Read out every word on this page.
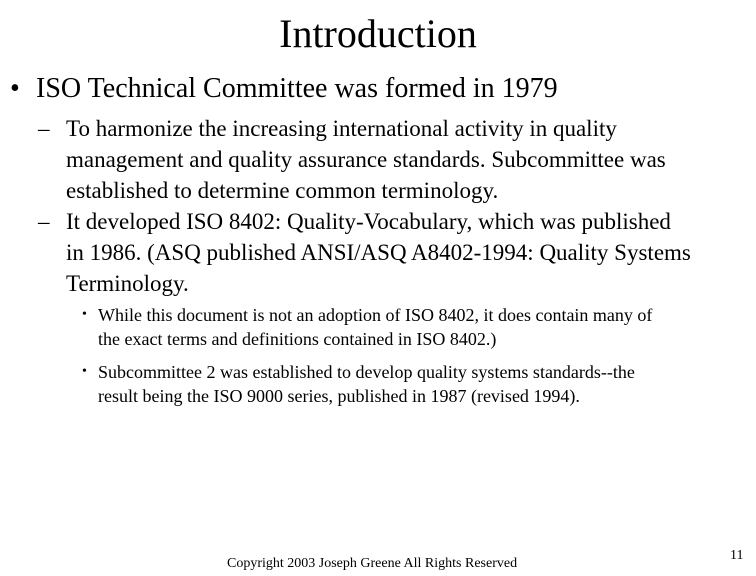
Introduction
• ISO Technical Committee was formed in 1979
– To harmonize the increasing international activity in quality
management and quality assurance standards. Subcommittee was
established to determine common terminology.
– It developed ISO 8402: Quality-Vocabulary, which was published
in 1986. (ASQ published ANSI/ASQ A8402-1994: Quality Systems
Terminology.
• While this document is not an adoption of ISO 8402, it does contain many of
the exact terms and definitions contained in ISO 8402.)
• Subcommittee 2 was established to develop quality systems standards--the
result being the ISO 9000 series, published in 1987 (revised 1994).
Copyright 2003 Joseph Greene All Rights Reserved
11
